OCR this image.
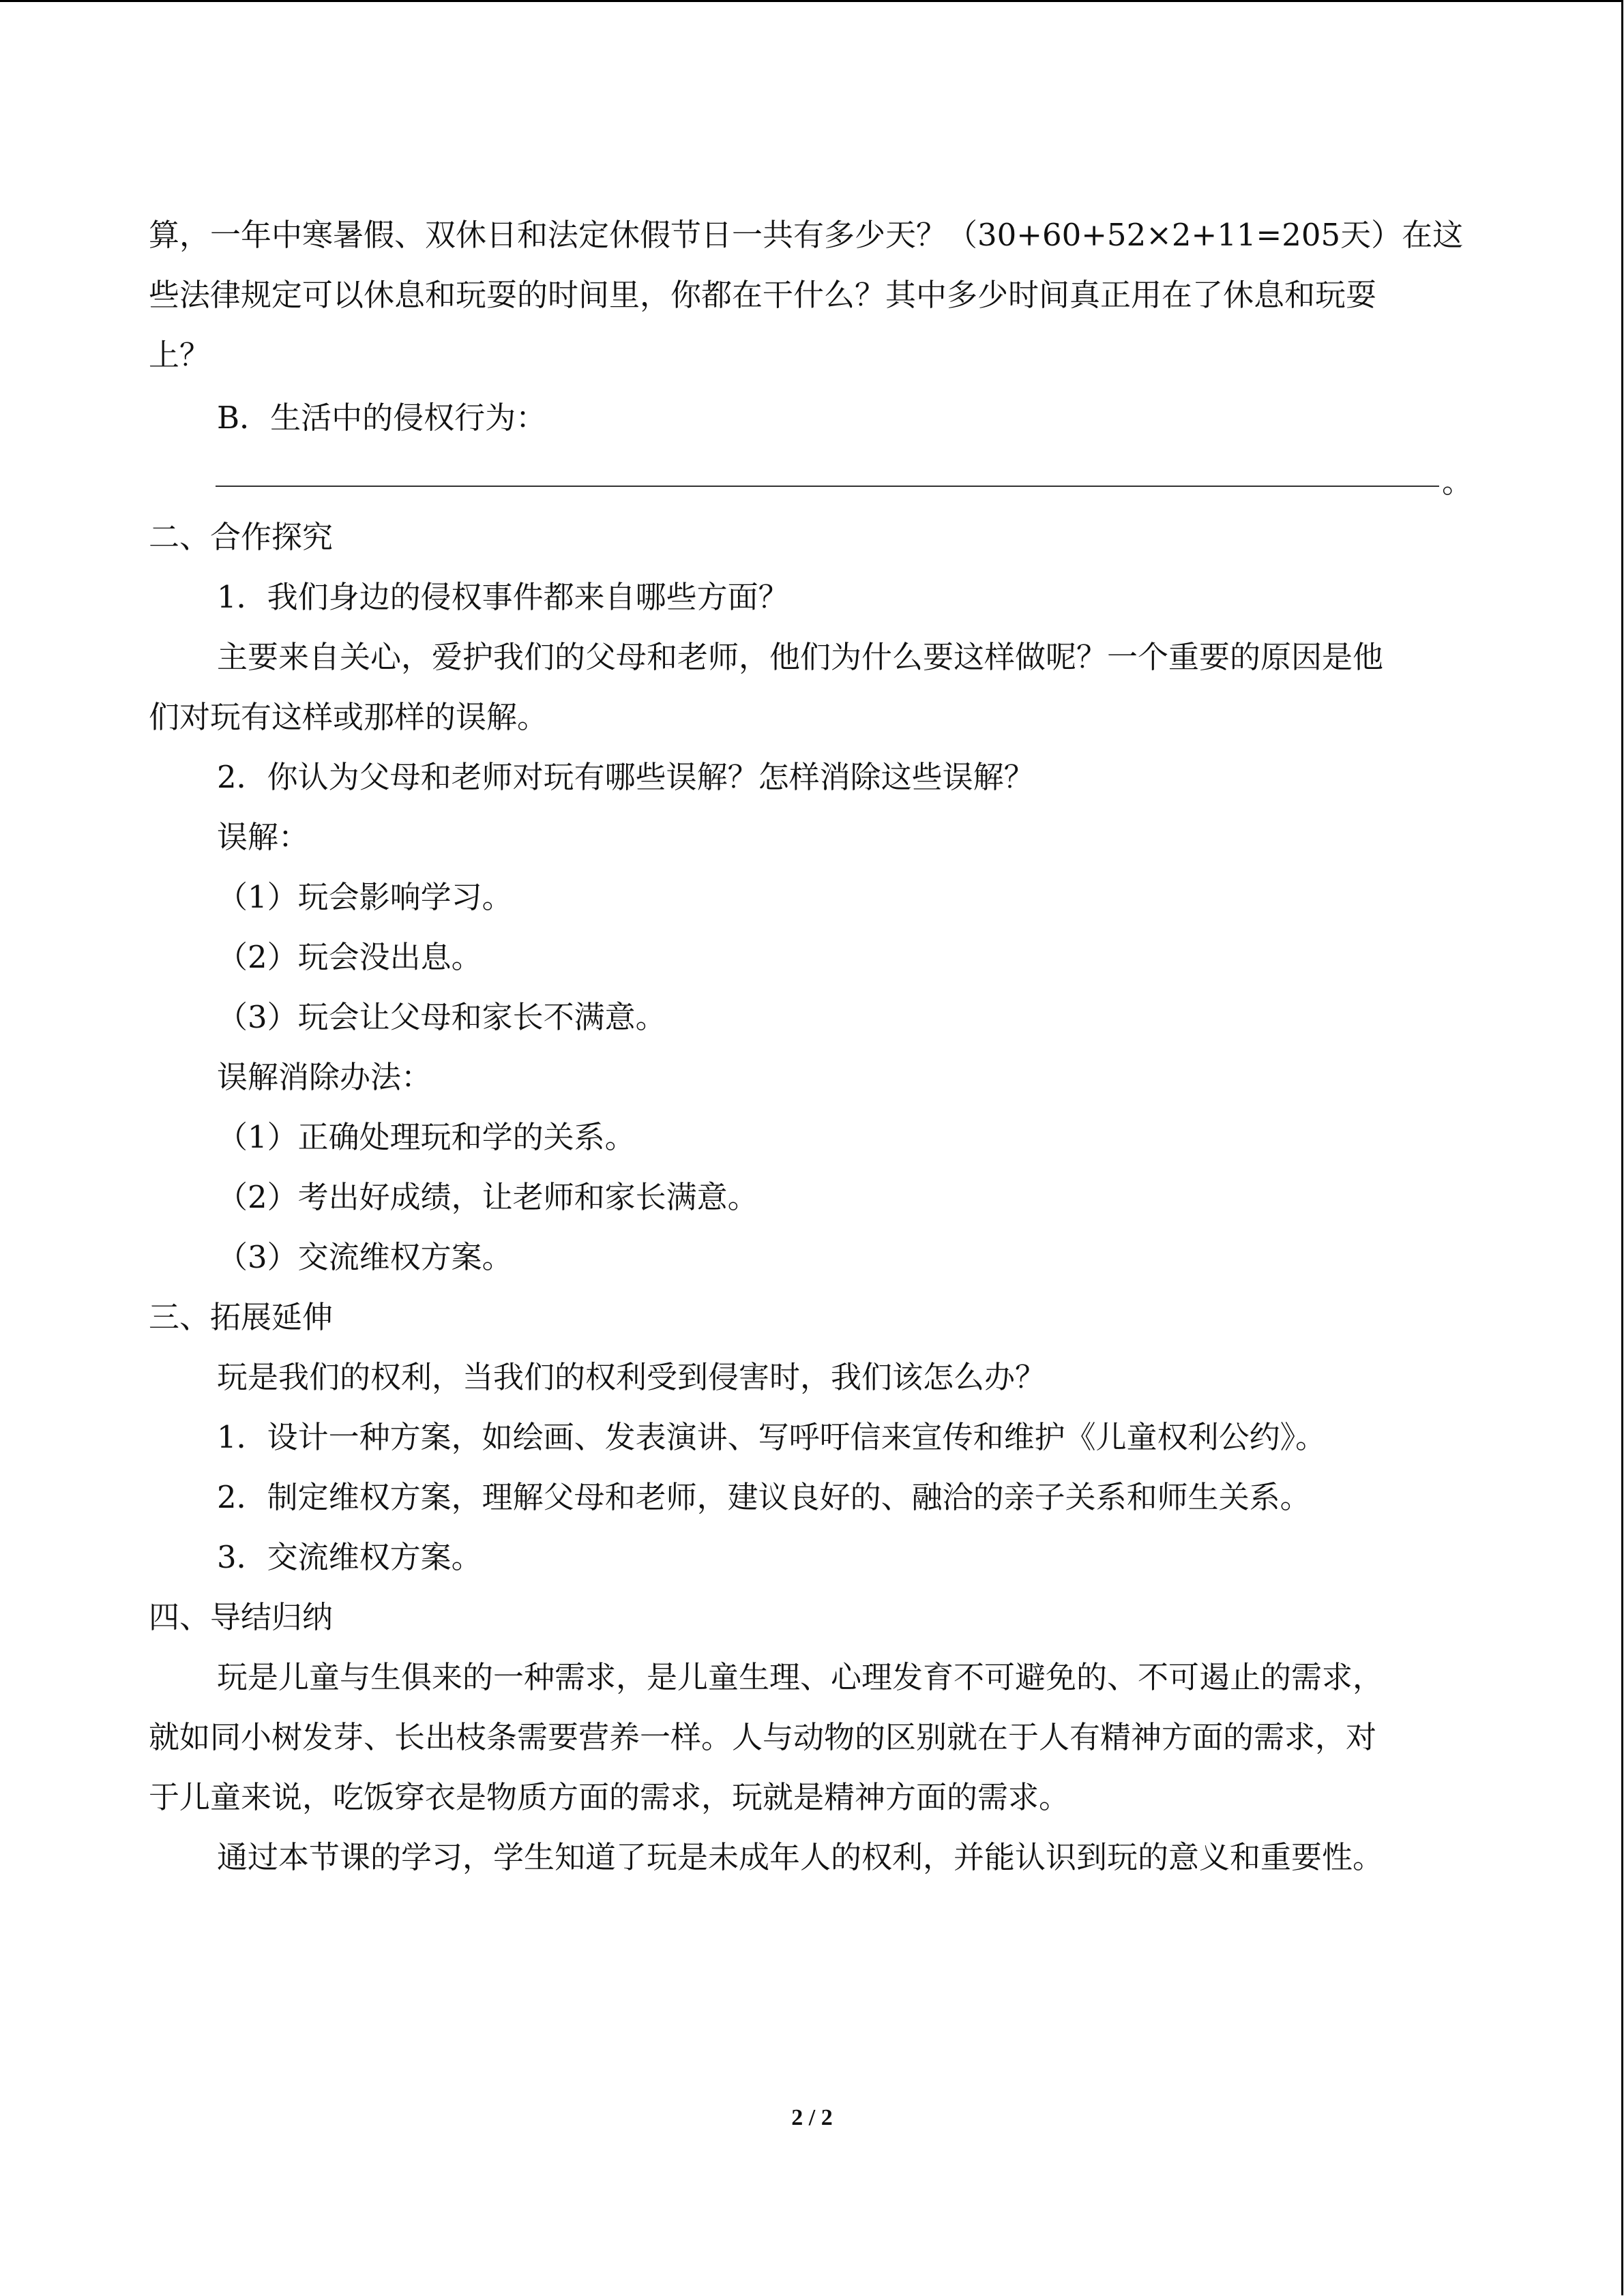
算，一年中寒暑假、双休日和法定休假节日一共有多少天？（30+60+52×2+11=205天）在这
些法律规定可以休息和玩耍的时间里，你都在干什么？其中多少时间真正用在了休息和玩耍
上？
B．生活中的侵权行为：
。
二、合作探究
1．我们身边的侵权事件都来自哪些方面？
主要来自关心，爱护我们的父母和老师，他们为什么要这样做呢？一个重要的原因是他
们对玩有这样或那样的误解。
2．你认为父母和老师对玩有哪些误解？怎样消除这些误解？
误解：
（1）玩会影响学习。
（2）玩会没出息。
（3）玩会让父母和家长不满意。
误解消除办法：
（1）正确处理玩和学的关系。
（2）考出好成绩，让老师和家长满意。
（3）交流维权方案。
三、拓展延伸
玩是我们的权利，当我们的权利受到侵害时，我们该怎么办？
1．设计一种方案，如绘画、发表演讲、写呼吁信来宣传和维护《儿童权利公约》。
2．制定维权方案，理解父母和老师，建议良好的、融洽的亲子关系和师生关系。
3．交流维权方案。
四、导结归纳
玩是儿童与生俱来的一种需求，是儿童生理、心理发育不可避免的、不可遏止的需求，
就如同小树发芽、长出枝条需要营养一样。人与动物的区别就在于人有精神方面的需求，对
于儿童来说，吃饭穿衣是物质方面的需求，玩就是精神方面的需求。
通过本节课的学习，学生知道了玩是未成年人的权利，并能认识到玩的意义和重要性。
2 / 2
